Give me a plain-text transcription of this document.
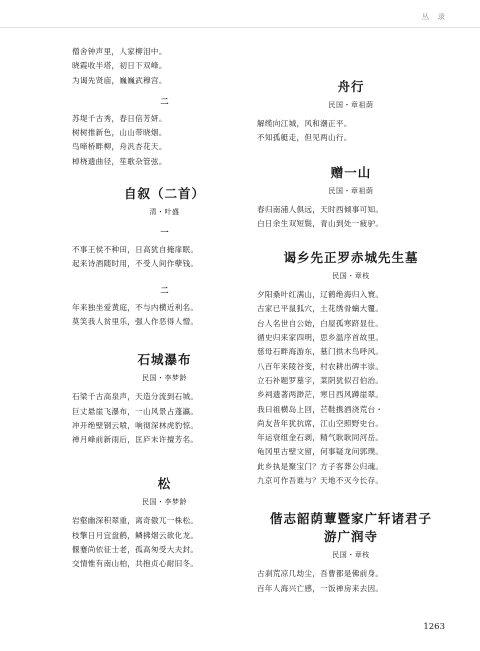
丛 录
僧舍钟声里，人家柳泪中。
晓霞收半塔，初日下双峰。
为谒先贤庙，巍巍武穆宫。
二
苏堤千古秀，春日倍芳妍。
树树推新色，山山带晓烟。
鸟啼桥畔柳，舟汎杏花天。
棹桡遗曲径，笙歌杂管弦。
自叙（二首）
清・叶盛
一
不事王侯不种田，日高犹自掩扉眠。
起来诗酒随时用，不受人间作孽钱。
二
年来独坐爱黄庭，不与内横近利名。
莫笑我人贫里乐，强人作恶得人憎。
石城瀑布
民国・李梦龄
石梁千古高泉声，天造分流到石城。
巨丈悬崖飞瀑布，一山风景占蓬瀛。
冲开绝壁钢云喷，响彻深林虎豹惊。
禅月峰前新雨后，匡庐未许擅芳名。
松
民国・李梦龄
岩壑幽深积翠重，离奇傲兀一株松。
枝擎日月宜盘鹤，鳞拂烟云欲化龙。
偃蹇尚依征士老，孤高匆受大夫封。
交情惟有南山柏，共抱贞心耐旧冬。
舟行
民国・章祖荫
解缆向江城，风和潮正平。
不知孤艇走，但见两山行。
赠一山
民国・章祖荫
春归南浦人俱远，天时西倾事可知。
白日余生双短鬓，青山到处一疲驴。
谒乡先正罗赤城先生墓
民国・章枝
夕阳桑叶红满山，辽鹤绝海归入寰。
古家已平鼠狐穴，土花绣骨螭大覆。
台人名世自公始，白屋孤寒跻显仕。
循史归来家四明，思乡温序首故里。
慈母石畔海游东，墓门拱木鸟呼风。
八百年来陵谷变，村农耕出碑丰崇。
立石补题罗墓字，菜阴犹似召伯治。
乡祠遗著两渺茫，寒日西风蹲崖翠。
我曰祖横岛上回，芒鞋携酒浇荒台・
尚友昔年犹抗席，江山空照野史台。
年运衰组金石剥，精气耿耿同河岳。
龟冈里古壁文留，何事疑龙问郭璞。
此乡执是聚宝门？方子客葬公归魂。
九京可作吾谁与？天地不灭今长存。
偕志韶荫蕈暨家广轩诸君子
游广润寺
民国・章枝
古刹荒凉几劫尘，吾曹都是佛前身。
百年人海兴亡感，一饭禅房来去因。
1263
